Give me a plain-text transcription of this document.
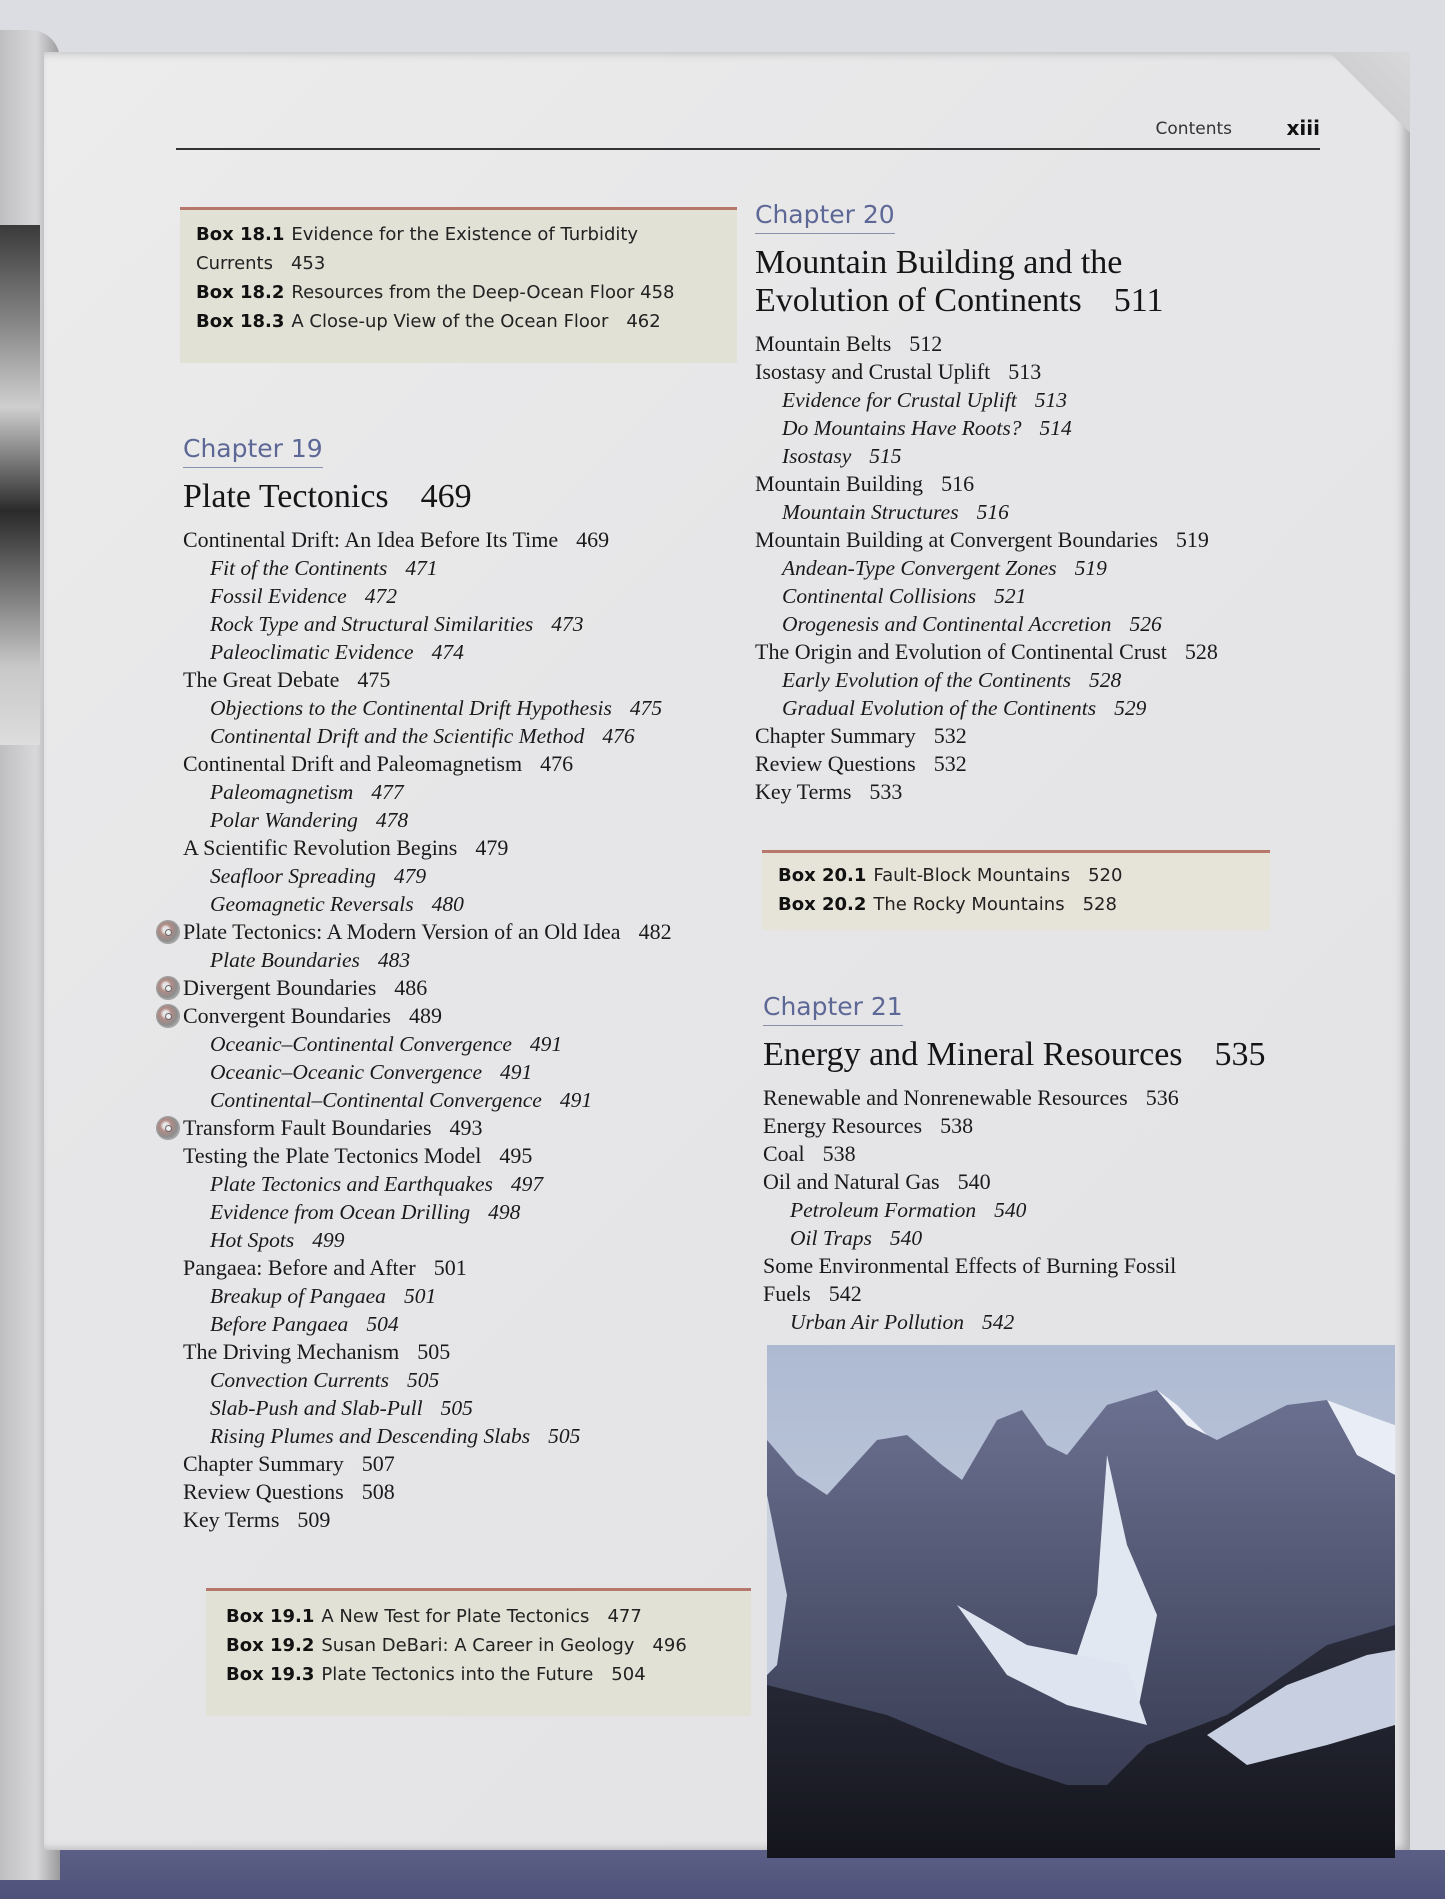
Contents	xiii
Box 18.1 Evidence for the Existence of Turbidity Currents 453
Box 18.2 Resources from the Deep-Ocean Floor 458
Box 18.3 A Close-up View of the Ocean Floor 462
Chapter 19
Plate Tectonics 469
Continental Drift: An Idea Before Its Time 469
Fit of the Continents 471
Fossil Evidence 472
Rock Type and Structural Similarities 473
Paleoclimatic Evidence 474
The Great Debate 475
Objections to the Continental Drift Hypothesis 475
Continental Drift and the Scientific Method 476
Continental Drift and Paleomagnetism 476
Paleomagnetism 477
Polar Wandering 478
A Scientific Revolution Begins 479
Seafloor Spreading 479
Geomagnetic Reversals 480
Plate Tectonics: A Modern Version of an Old Idea 482
Plate Boundaries 483
Divergent Boundaries 486
Convergent Boundaries 489
Oceanic–Continental Convergence 491
Oceanic–Oceanic Convergence 491
Continental–Continental Convergence 491
Transform Fault Boundaries 493
Testing the Plate Tectonics Model 495
Plate Tectonics and Earthquakes 497
Evidence from Ocean Drilling 498
Hot Spots 499
Pangaea: Before and After 501
Breakup of Pangaea 501
Before Pangaea 504
The Driving Mechanism 505
Convection Currents 505
Slab-Push and Slab-Pull 505
Rising Plumes and Descending Slabs 505
Chapter Summary 507
Review Questions 508
Key Terms 509
Box 19.1 A New Test for Plate Tectonics 477
Box 19.2 Susan DeBari: A Career in Geology 496
Box 19.3 Plate Tectonics into the Future 504
Chapter 20
Mountain Building and the
Evolution of Continents 511
Mountain Belts 512
Isostasy and Crustal Uplift 513
Evidence for Crustal Uplift 513
Do Mountains Have Roots? 514
Isostasy 515
Mountain Building 516
Mountain Structures 516
Mountain Building at Convergent Boundaries 519
Andean-Type Convergent Zones 519
Continental Collisions 521
Orogenesis and Continental Accretion 526
The Origin and Evolution of Continental Crust 528
Early Evolution of the Continents 528
Gradual Evolution of the Continents 529
Chapter Summary 532
Review Questions 532
Key Terms 533
Box 20.1 Fault-Block Mountains 520
Box 20.2 The Rocky Mountains 528
Chapter 21
Energy and Mineral Resources 535
Renewable and Nonrenewable Resources 536
Energy Resources 538
Coal 538
Oil and Natural Gas 540
Petroleum Formation 540
Oil Traps 540
Some Environmental Effects of Burning Fossil Fuels 542
Urban Air Pollution 542
